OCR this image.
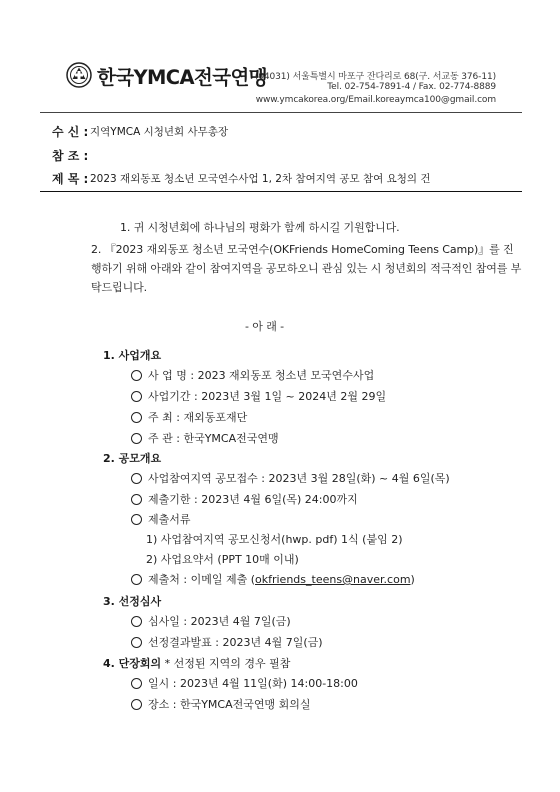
한국YMCA전국연맹
(04031) 서울특별시 마포구 잔다리로 68(구. 서교동 376-11)
Tel. 02-754-7891-4 / Fax. 02-774-8889
www.ymcakorea.org/Email.koreaymca100@gmail.com
수 신 : 지역YMCA 시청년회 사무총장
참 조 :
제 목 : 2023 재외동포 청소년 모국연수사업 1, 2차 참여지역 공모 참여 요청의 건
1. 귀 시청년회에 하나님의 평화가 함께 하시길 기원합니다.
2. 『2023 재외동포 청소년 모국연수(OKFriends HomeComing Teens Camp)』를 진
행하기 위해 아래와 같이 참여지역을 공모하오니 관심 있는 시 청년회의 적극적인 참여를 부
탁드립니다.
- 아 래 -
1. 사업개요
사 업 명 : 2023 재외동포 청소년 모국연수사업
사업기간 : 2023년 3월 1일 ~ 2024년 2월 29일
주 최 : 재외동포재단
주 관 : 한국YMCA전국연맹
2. 공모개요
사업참여지역 공모접수 : 2023년 3월 28일(화) ~ 4월 6일(목)
제출기한 : 2023년 4월 6일(목) 24:00까지
제출서류
1) 사업참여지역 공모신청서(hwp. pdf) 1식 (붙임 2)
2) 사업요약서 (PPT 10매 이내)
제출처 : 이메일 제출 (okfriends_teens@naver.com)
3. 선정심사
심사일 : 2023년 4월 7일(금)
선정결과발표 : 2023년 4월 7일(금)
4. 단장회의 * 선정된 지역의 경우 필참
일시 : 2023년 4월 11일(화) 14:00-18:00
장소 : 한국YMCA전국연맹 회의실
